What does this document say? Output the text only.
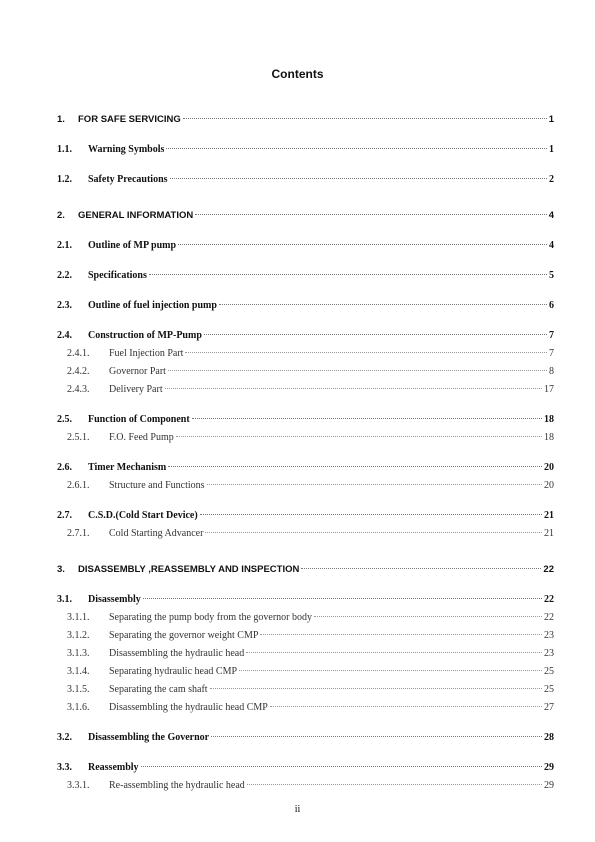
Contents
1.	FOR SAFE SERVICING	1
1.1.	Warning Symbols	1
1.2.	Safety Precautions	2
2.	GENERAL INFORMATION	4
2.1.	Outline of MP pump	4
2.2.	Specifications	5
2.3.	Outline of fuel injection pump	6
2.4.	Construction of MP-Pump	7
2.4.1.	Fuel Injection Part	7
2.4.2.	Governor Part	8
2.4.3.	Delivery Part	17
2.5.	Function of Component	18
2.5.1.	F.O. Feed Pump	18
2.6.	Timer Mechanism	20
2.6.1.	Structure and Functions	20
2.7.	C.S.D.(Cold Start Device)	21
2.7.1.	Cold Starting Advancer	21
3.	DISASSEMBLY ,REASSEMBLY AND INSPECTION	22
3.1.	Disassembly	22
3.1.1.	Separating the pump body from the governor body	22
3.1.2.	Separating the governor weight CMP	23
3.1.3.	Disassembling the hydraulic head	23
3.1.4.	Separating hydraulic head CMP	25
3.1.5.	Separating the cam shaft	25
3.1.6.	Disassembling the hydraulic head CMP	27
3.2.	Disassembling the Governor	28
3.3.	Reassembly	29
3.3.1.	Re-assembling the hydraulic head	29
ii
